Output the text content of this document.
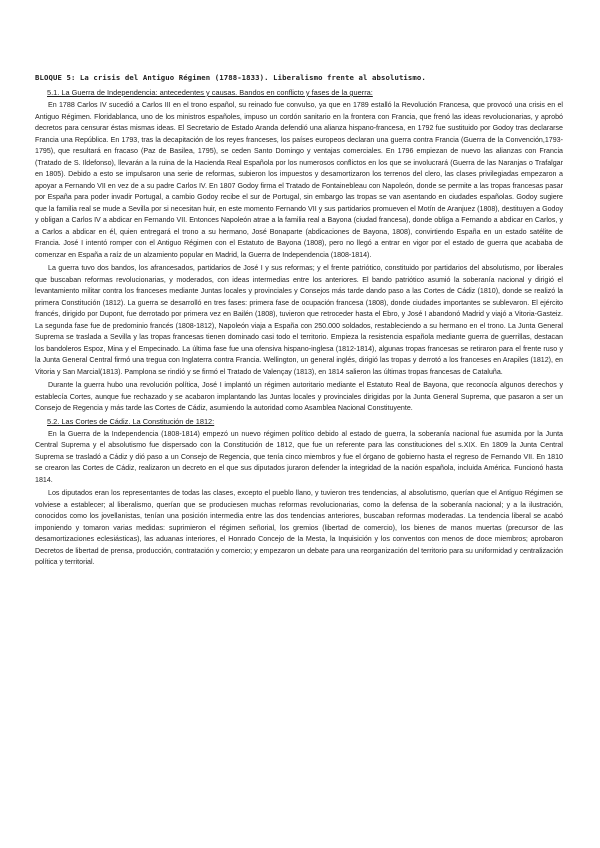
BLOQUE 5: La crisis del Antiguo Régimen (1788-1833). Liberalismo frente al absolutismo.
5.1. La Guerra de Independencia: antecedentes y causas. Bandos en conflicto y fases de la guerra:

En 1788 Carlos IV sucedió a Carlos III en el trono español, su reinado fue convulso, ya que en 1789 estalló la Revolución Francesa, que provocó una crisis en el Antiguo Régimen. Floridablanca, uno de los ministros españoles, impuso un cordón sanitario en la frontera con Francia, que frenó las ideas revolucionarias, y aprobó decretos para censurar éstas mismas ideas. El Secretario de Estado Aranda defendió una alianza hispano-francesa, en 1792 fue sustituido por Godoy tras declararse Francia una República. En 1793, tras la decapitación de los reyes franceses, los países europeos declaran una guerra contra Francia (Guerra de la Convención,1793-1795), que resultará en fracaso (Paz de Basilea, 1795), se ceden Santo Domingo y ventajas comerciales. En 1796 empiezan de nuevo las alianzas con Francia (Tratado de S. Ildefonso), llevarán a la ruina de la Hacienda Real Española por los numerosos conflictos en los que se involucrará (Guerra de las Naranjas o Trafalgar en 1805). Debido a esto se impulsaron una serie de reformas, subieron los impuestos y desamortizaron los terrenos del clero, las clases privilegiadas empezaron a apoyar a Fernando VII en vez de a su padre Carlos IV. En 1807 Godoy firma el Tratado de Fontainebleau con Napoleón, donde se permite a las tropas francesas pasar por España para poder invadir Portugal, a cambio Godoy recibe el sur de Portugal, sin embargo las tropas se van asentando en ciudades españolas. Godoy sugiere que la familia real se mude a Sevilla por si necesitan huir, en este momento Fernando VII y sus partidarios promueven el Motín de Aranjuez (1808), destituyen a Godoy y obligan a Carlos IV a abdicar en Fernando VII. Entonces Napoleón atrae a la familia real a Bayona (ciudad francesa), donde obliga a Fernando a abdicar en Carlos, y a Carlos a abdicar en él, quien entregará el trono a su hermano, José Bonaparte (abdicaciones de Bayona, 1808), convirtiendo España en un estado satélite de Francia. José I intentó romper con el Antiguo Régimen con el Estatuto de Bayona (1808), pero no llegó a entrar en vigor por el estado de guerra que acababa de comenzar en España a raíz de un alzamiento popular en Madrid, la Guerra de Independencia (1808-1814).

La guerra tuvo dos bandos, los afrancesados, partidarios de José I y sus reformas; y el frente patriótico, constituido por partidarios del absolutismo, por liberales que buscaban reformas revolucionarias, y moderados, con ideas intermedias entre los anteriores. El bando patriótico asumió la soberanía nacional y dirigió el levantamiento militar contra los franceses mediante Juntas locales y provinciales y Consejos más tarde dando paso a las Cortes de Cádiz (1810), donde se realizó la primera Constitución (1812). La guerra se desarrolló en tres fases: primera fase de ocupación francesa (1808), donde ciudades importantes se sublevaron. El ejército francés, dirigido por Dupont, fue derrotado por primera vez en Bailén (1808), tuvieron que retroceder hasta el Ebro, y José I abandonó Madrid y viajó a Vitoria-Gasteiz. La segunda fase fue de predominio francés (1808-1812), Napoleón viaja a España con 250.000 soldados, restableciendo a su hermano en el trono. La Junta General Suprema se traslada a Sevilla y las tropas francesas tienen dominado casi todo el territorio. Empieza la resistencia española mediante guerra de guerrillas, destacan los bandoleros Espoz, Mina y el Empecinado. La última fase fue una ofensiva hispano-inglesa (1812-1814), algunas tropas francesas se retiraron para el frente ruso y la Junta General Central firmó una tregua con Inglaterra contra Francia. Wellington, un general inglés, dirigió las tropas y derrotó a los franceses en Arapiles (1812), en Vitoria y San Marcial(1813). Pamplona se rindió y se firmó el Tratado de Valençay (1813), en 1814 salieron las últimas tropas francesas de Cataluña.

Durante la guerra hubo una revolución política, José I implantó un régimen autoritario mediante el Estatuto Real de Bayona, que reconocía algunos derechos y establecía Cortes, aunque fue rechazado y se acabaron implantando las Juntas locales y provinciales dirigidas por la Junta General Suprema, que pasaron a ser un Consejo de Regencia y más tarde las Cortes de Cádiz, asumiendo la autoridad como Asamblea Nacional Constituyente.

5.2. Las Cortes de Cádiz. La Constitución de 1812:

En la Guerra de la Independencia (1808-1814) empezó un nuevo régimen político debido al estado de guerra, la soberanía nacional fue asumida por la Junta Central Suprema y el absolutismo fue dispersado con la Constitución de 1812, que fue un referente para las constituciones del s.XIX. En 1809 la Junta Central Suprema se trasladó a Cádiz y dió paso a un Consejo de Regencia, que tenía cinco miembros y fue el órgano de gobierno hasta el regreso de Fernando VII. En 1810 se crearon las Cortes de Cádiz, realizaron un decreto en el que sus diputados juraron defender la integridad de la nación española, incluida América. Funcionó hasta 1814.

Los diputados eran los representantes de todas las clases, excepto el pueblo llano, y tuvieron tres tendencias, al absolutismo, querían que el Antiguo Régimen se volviese a establecer; al liberalismo, querían que se produciesen muchas reformas revolucionarias, como la defensa de la soberanía nacional; y a la ilustración, conocidos como los jovellanistas, tenían una posición intermedia entre las dos tendencias anteriores, buscaban reformas moderadas. La tendencia liberal se acabó imponiendo y tomaron varias medidas: suprimieron el régimen señorial, los gremios (libertad de comercio), los bienes de manos muertas (precursor de las desamortizaciones eclesiásticas), las aduanas interiores, el Honrado Concejo de la Mesta, la Inquisición y los conventos con menos de doce miembros; aprobaron Decretos de libertad de prensa, producción, contratación y comercio; y empezaron un debate para una reorganización del territorio para su uniformidad y centralización política y territorial.
